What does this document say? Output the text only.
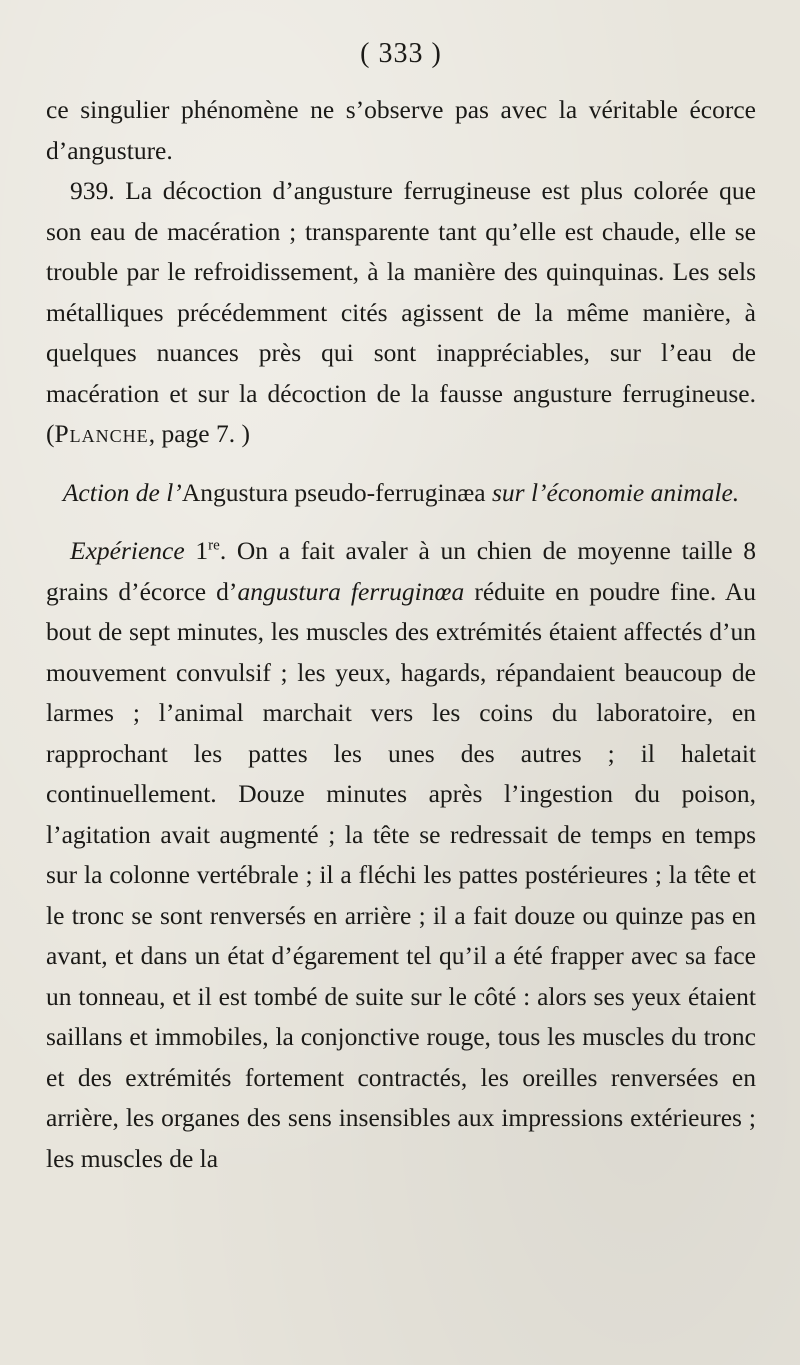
( 333 )

ce singulier phénomène ne s’observe pas avec la véritable écorce d’angusture.

939. La décoction d’angusture ferrugineuse est plus colorée que son eau de macération ; transparente tant qu’elle est chaude, elle se trouble par le refroidissement, à la manière des quinquinas. Les sels métalliques précédemment cités agissent de la même manière, à quelques nuances près qui sont inappréciables, sur l’eau de macération et sur la décoction de la fausse angusture ferrugineuse. (Planche, page 7. )

Action de l’Angustura pseudo-ferruginæa sur l’économie animale.

Expérience 1re. On a fait avaler à un chien de moyenne taille 8 grains d’écorce d’angustura ferruginœa réduite en poudre fine. Au bout de sept minutes, les muscles des extrémités étaient affectés d’un mouvement convulsif ; les yeux, hagards, répandaient beaucoup de larmes ; l’animal marchait vers les coins du laboratoire, en rapprochant les pattes les unes des autres ; il haletait continuellement. Douze minutes après l’ingestion du poison, l’agitation avait augmenté ; la tête se redressait de temps en temps sur la colonne vertébrale ; il a fléchi les pattes postérieures ; la tête et le tronc se sont renversés en arrière ; il a fait douze ou quinze pas en avant, et dans un état d’égarement tel qu’il a été frapper avec sa face un tonneau, et il est tombé de suite sur le côté : alors ses yeux étaient saillans et immobiles, la conjonctive rouge, tous les muscles du tronc et des extrémités fortement contractés, les oreilles renversées en arrière, les organes des sens insensibles aux impressions extérieures ; les muscles de la
